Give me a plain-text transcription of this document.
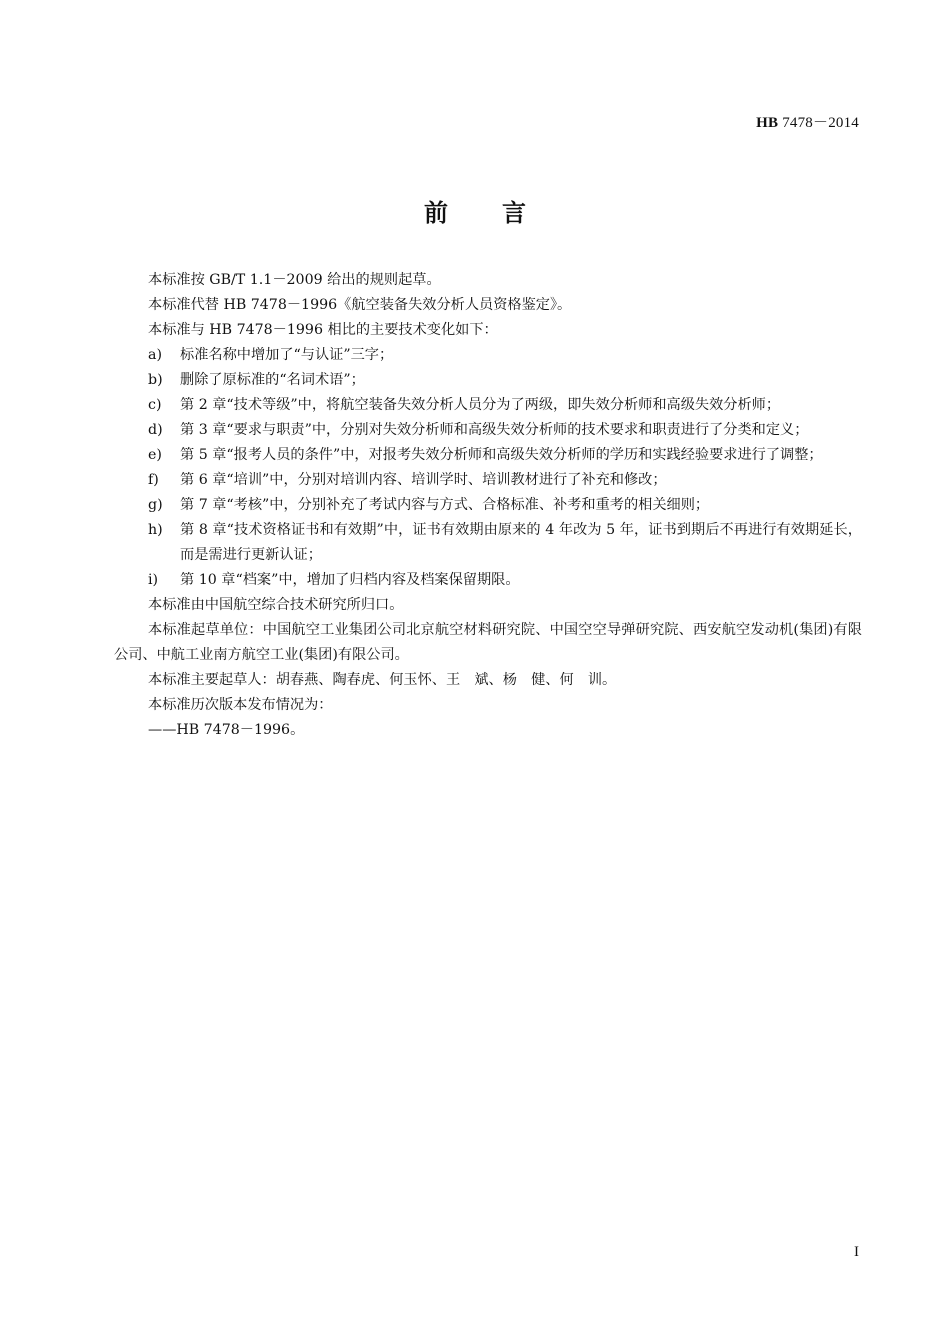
HB 7478－2014
前言

本标准按 GB/T 1.1－2009 给出的规则起草。

本标准代替 HB 7478－1996《航空装备失效分析人员资格鉴定》。

本标准与 HB 7478－1996 相比的主要技术变化如下：

a) 标准名称中增加了“与认证”三字；
b) 删除了原标准的“名词术语”；
c) 第 2 章“技术等级”中，将航空装备失效分析人员分为了两级，即失效分析师和高级失效分析师；
d) 第 3 章“要求与职责”中，分别对失效分析师和高级失效分析师的技术要求和职责进行了分类和定义；
e) 第 5 章“报考人员的条件”中，对报考失效分析师和高级失效分析师的学历和实践经验要求进行了调整；
f) 第 6 章“培训”中，分别对培训内容、培训学时、培训教材进行了补充和修改；
g) 第 7 章“考核”中，分别补充了考试内容与方式、合格标准、补考和重考的相关细则；
h) 第 8 章“技术资格证书和有效期”中，证书有效期由原来的 4 年改为 5 年，证书到期后不再进行有效期延长，而是需进行更新认证；
i) 第 10 章“档案”中，增加了归档内容及档案保留期限。

本标准由中国航空综合技术研究所归口。

本标准起草单位：中国航空工业集团公司北京航空材料研究院、中国空空导弹研究院、西安航空发动机(集团)有限公司、中航工业南方航空工业(集团)有限公司。

本标准主要起草人：胡春燕、陶春虎、何玉怀、王　斌、杨　健、何　训。

本标准历次版本发布情况为：

——HB 7478－1996。

I
